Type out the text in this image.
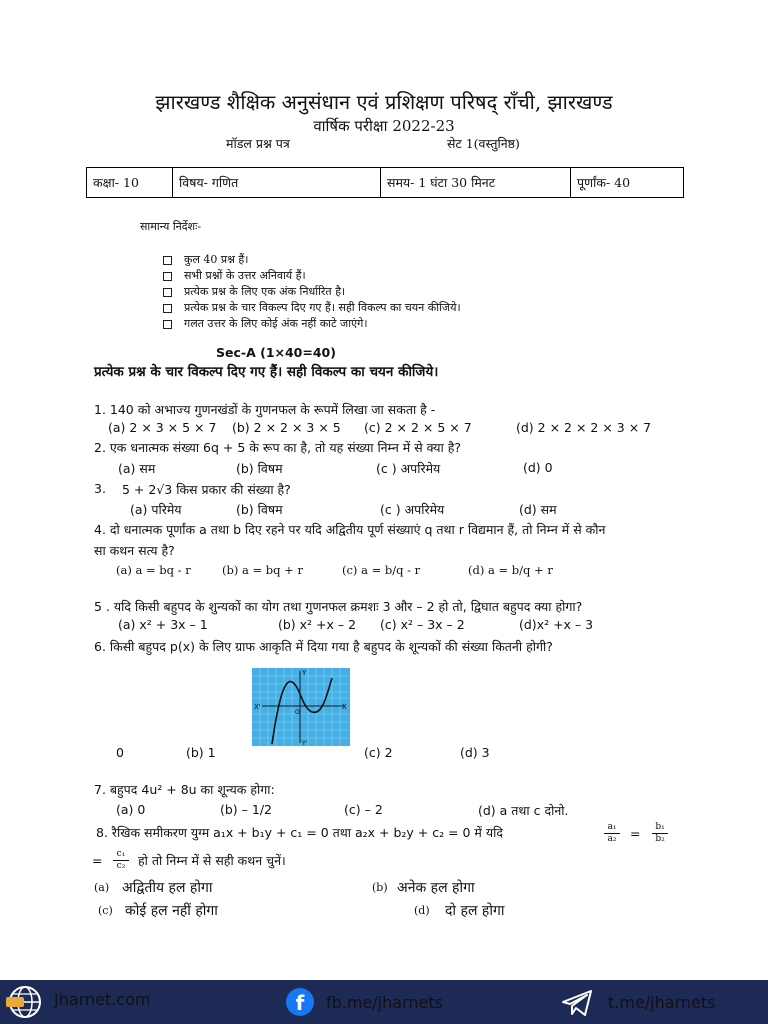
झारखण्ड शैक्षिक अनुसंधान एवं प्रशिक्षण परिषद् राँची, झारखण्ड
वार्षिक परीक्षा 2022-23
मॉडल प्रश्न पत्र	सेट 1(वस्तुनिष्ठ)
कक्षा- 10	विषय- गणित	समय- 1 घंटा 30 मिनट	पूर्णांक- 40
सामान्य निर्देशः-
कुल 40 प्रश्न हैं।
सभी प्रश्नों के उत्तर अनिवार्य हैं।
प्रत्येक प्रश्न के लिए एक अंक निर्धारित है।
प्रत्येक प्रश्न के चार विकल्प दिए गए हैं। सही विकल्प का चयन कीजिये।
गलत उत्तर के लिए कोई अंक नहीं काटे जाएंगे।
Sec-A (1×40=40)
प्रत्येक प्रश्न के चार विकल्प दिए गए हैं। सही विकल्प का चयन कीजिये।
1. 140 को अभाज्य गुणनखंडों के गुणनफल के रूपमें लिखा जा सकता है -
(a) 2 × 3 × 5 × 7 (b) 2 × 2 × 3 × 5 (c) 2 × 2 × 5 × 7	(d) 2 × 2 × 2 × 3 × 7
2. एक धनात्मक संख्या 6q + 5 के रूप का है, तो यह संख्या निम्न में से क्या है?
(a) सम	(b) विषम	(c ) अपरिमेय	(d) 0
3. 5 + 2√3 किस प्रकार की संख्या है?
(a) परिमेय	(b) विषम	(c ) अपरिमेय	(d) सम
4. दो धनात्मक पूर्णांक a तथा b दिए रहने पर यदि अद्वितीय पूर्ण संख्याएं q तथा r विद्यमान हैं, तो निम्न में से कौन
सा कथन सत्य है?
(a) a = bq - r	(b) a = bq + r	(c) a = b/q - r	(d) a = b/q + r
5 . यदि किसी बहुपद के शुन्यकों का योग तथा गुणनफल क्रमशः 3 और – 2 हो तो, द्विघात बहुपद क्या होगा?
(a) x² + 3x – 1	(b) x² +x – 2 (c) x² – 3x – 2	(d)x² +x – 3
6. किसी बहुपद p(x) के लिए ग्राफ आकृति में दिया गया है बहुपद के शून्यकों की संख्या कितनी होगी?
X'	X
Y
Y'
O
0	(b) 1	(c) 2	(d) 3
7. बहुपद 4u² + 8u का शून्यक होगा:
(a) 0	(b) – 1/2	(c) – 2	(d) a तथा c दोनो.
8. रैखिक समीकरण युग्म a₁x + b₁y + c₁ = 0 तथा a₂x + b₂y + c₂ = 0 में यदि	a₁
a₂ =	b₁
b₂
=	c₁
c₂ हो तो निम्न में से सही कथन चुनें।
(a) अद्वितीय हल होगा	(b) अनेक हल होगा
(c) कोई हल नहीं होगा	(d) दो हल होगा
Jharnet.com	f	fb.me/jharnets	t.me/jharnets
